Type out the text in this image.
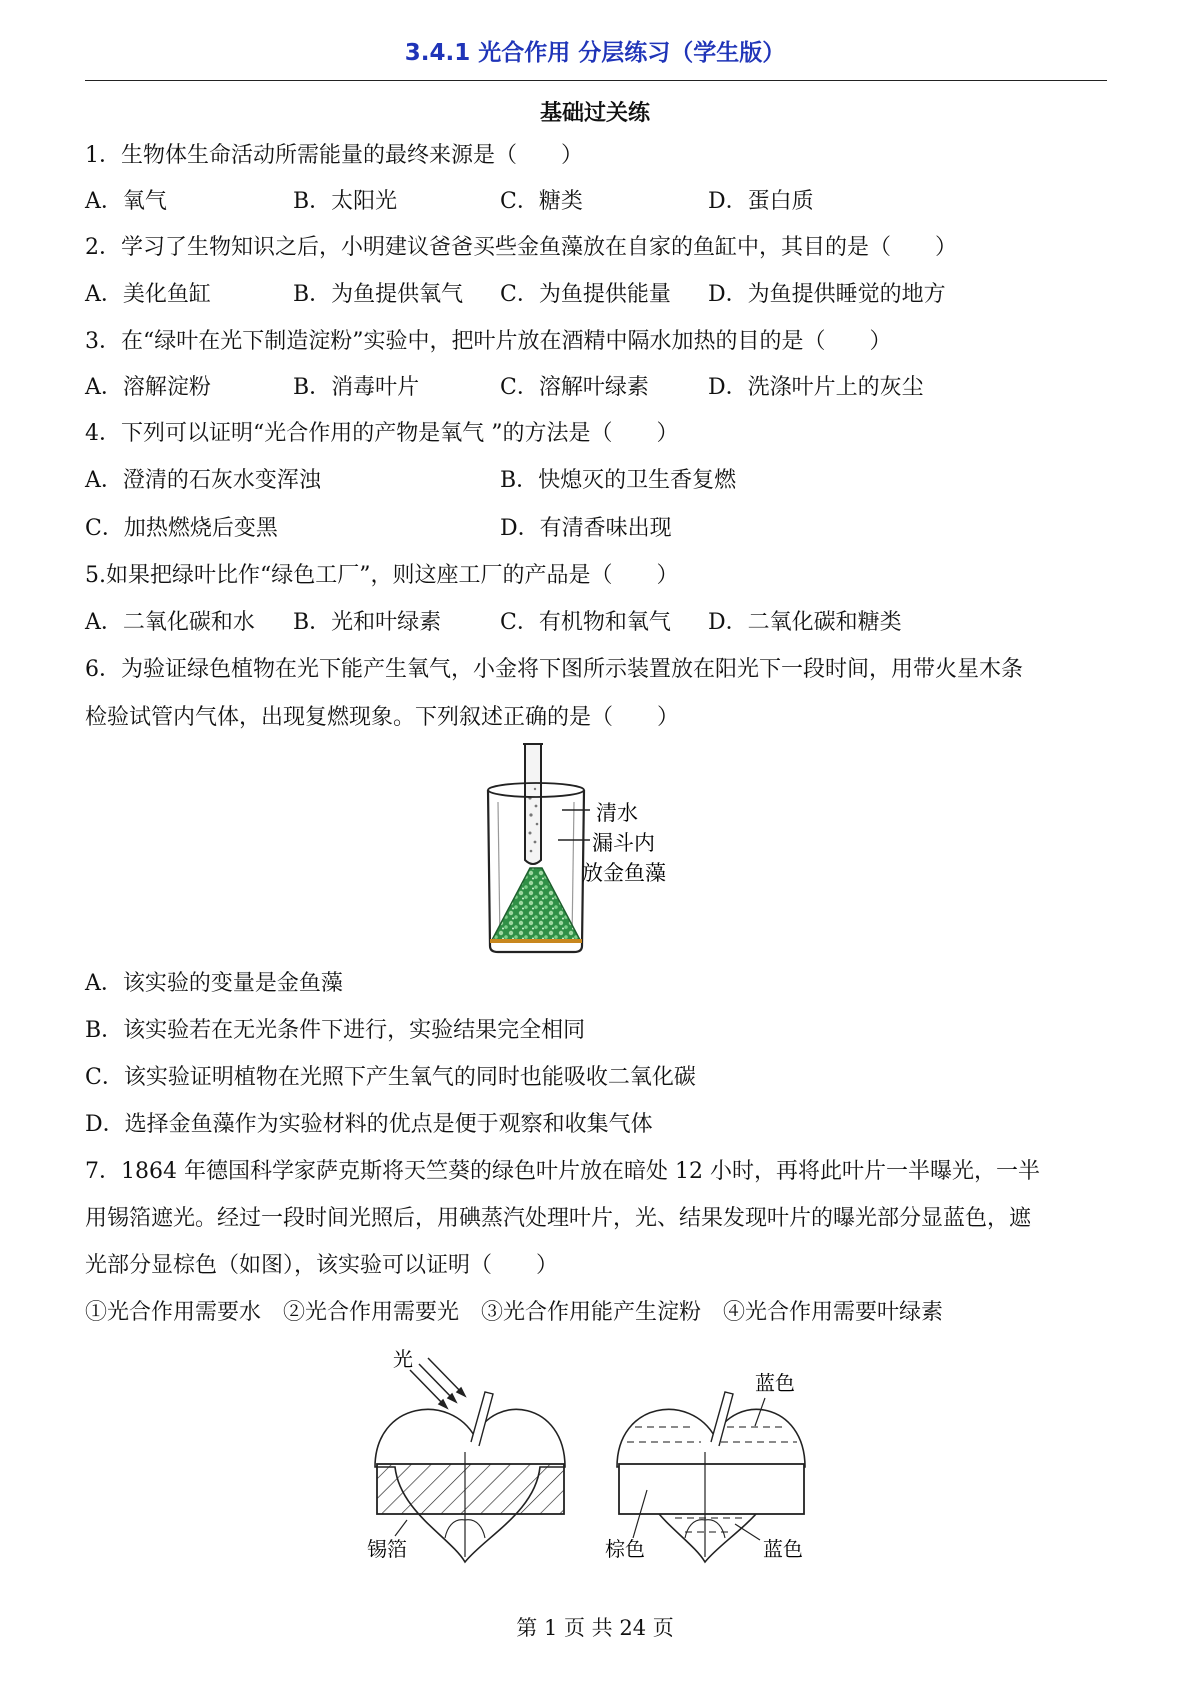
3.4.1 光合作用 分层练习（学生版）
基础过关练
1．生物体生命活动所需能量的最终来源是（　　）
A．氧气	B．太阳光	C．糖类	D．蛋白质
2．学习了生物知识之后，小明建议爸爸买些金鱼藻放在自家的鱼缸中，其目的是（　　）
A．美化鱼缸	B．为鱼提供氧气 C．为鱼提供能量 D．为鱼提供睡觉的地方
3．在“绿叶在光下制造淀粉”实验中，把叶片放在酒精中隔水加热的目的是（　　）
A．溶解淀粉	B．消毒叶片	C．溶解叶绿素	D．洗涤叶片上的灰尘
4．下列可以证明“光合作用的产物是氧气 ”的方法是（　　）
A．澄清的石灰水变浑浊	B．快熄灭的卫生香复燃
C．加热燃烧后变黑	D．有清香味出现
5.如果把绿叶比作“绿色工厂”，则这座工厂的产品是（　　）
A．二氧化碳和水 B．光和叶绿素	C．有机物和氧气 D．二氧化碳和糖类
6．为验证绿色植物在光下能产生氧气，小金将下图所示装置放在阳光下一段时间，用带火星木条
检验试管内气体，出现复燃现象。下列叙述正确的是（　　）
清水
漏斗内
放金鱼藻
A．该实验的变量是金鱼藻
B．该实验若在无光条件下进行，实验结果完全相同
C．该实验证明植物在光照下产生氧气的同时也能吸收二氧化碳
D．选择金鱼藻作为实验材料的优点是便于观察和收集气体
7．1864 年德国科学家萨克斯将天竺葵的绿色叶片放在暗处 12 小时，再将此叶片一半曝光，一半
用锡箔遮光。经过一段时间光照后，用碘蒸汽处理叶片，光、结果发现叶片的曝光部分显蓝色，遮
光部分显棕色（如图），该实验可以证明（　　）
①光合作用需要水　②光合作用需要光　③光合作用能产生淀粉　④光合作用需要叶绿素
光
锡箔
蓝色
棕色	蓝色
第 1 页 共 24 页
